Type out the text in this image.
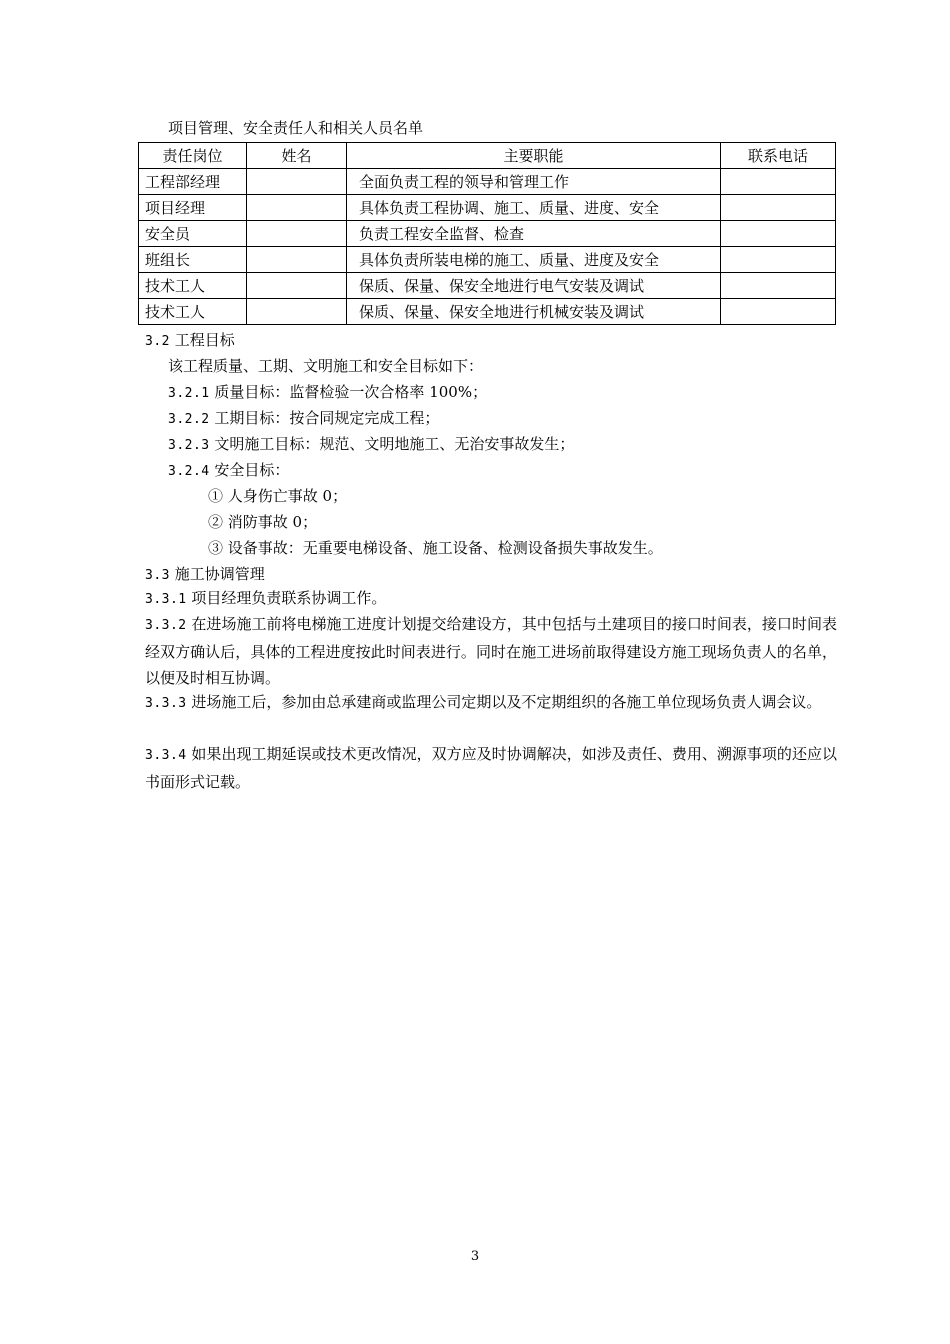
项目管理、安全责任人和相关人员名单
责任岗位	姓名	主要职能	联系电话
工程部经理		全面负责工程的领导和管理工作	
项目经理		具体负责工程协调、施工、质量、进度、安全	
安全员		负责工程安全监督、检查	
班组长		具体负责所装电梯的施工、质量、进度及安全	
技术工人		保质、保量、保安全地进行电气安装及调试	
技术工人		保质、保量、保安全地进行机械安装及调试	
3.2 工程目标
该工程质量、工期、文明施工和安全目标如下：
3.2.1 质量目标：监督检验一次合格率 100%；
3.2.2 工期目标：按合同规定完成工程；
3.2.3 文明施工目标：规范、文明地施工、无治安事故发生；
3.2.4 安全目标：
① 人身伤亡事故 0；
② 消防事故 0；
③ 设备事故：无重要电梯设备、施工设备、检测设备损失事故发生。
3.3 施工协调管理
3.3.1 项目经理负责联系协调工作。
3.3.2 在进场施工前将电梯施工进度计划提交给建设方，其中包括与土建项目的接口时间表，接口时间表经双方确认后，具体的工程进度按此时间表进行。同时在施工进场前取得建设方施工现场负责人的名单，以便及时相互协调。
3.3.3 进场施工后，参加由总承建商或监理公司定期以及不定期组织的各施工单位现场负责人调会议。
3.3.4 如果出现工期延误或技术更改情况，双方应及时协调解决，如涉及责任、费用、溯源事项的还应以书面形式记载。
3
